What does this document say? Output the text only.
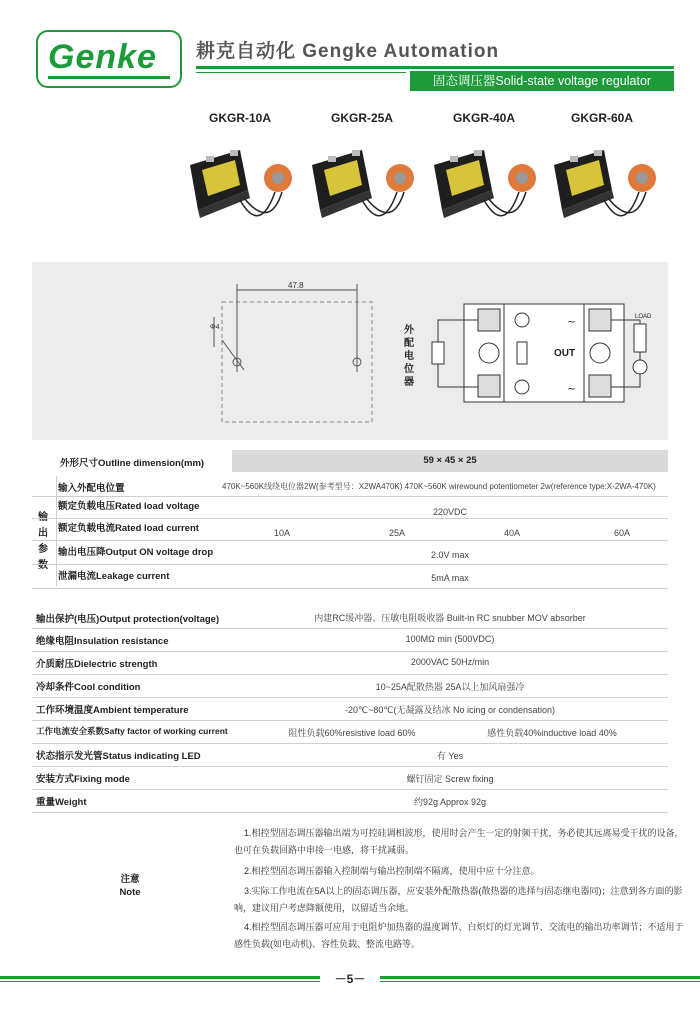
Genke 耕克自动化 Gengke Automation
固态调压器Solid-state voltage regulator
GKGR-10A	GKGR-25A	GKGR-40A	GKGR-60A
~
~
47.8
Φ4	外配电位器
OUT
LOAD
外形尺寸Outline dimension(mm)	59 × 45 × 25
输出参数
输入外配电位置	470K~560K线绕电位器2W(参考型号：X2WA470K) 470K~560K wirewound potentiometer 2w(reference type:X-2WA-470K)
额定负载电压Rated load voltage	220VDC
额定负载电流Rated load current	10A	25A	40A	60A
输出电压降Output ON voltage drop	2.0V max
泄漏电流Leakage current	5mA max
输出保护(电压)Output protection(voltage)	内建RC缓冲器、压敏电阻吸收器 Built-in RC snubber MOV absorber
绝缘电阻Insulation resistance	100MΩ min (500VDC)
介质耐压Dielectric strength	2000VAC 50Hz/min
冷却条件Cool condition	10~25A配散热器 25A以上加风扇强冷
工作环境温度Ambient temperature	-20℃~80℃(无凝露及结冰 No icing or condensation)
工作电流安全系数Safty factor of working current	阻性负载60%resistive load 60%	感性负载40%inductive load 40%
状态指示发光管Status indicating LED	有 Yes
安装方式Fixing mode	螺钉固定 Screw fixing
重量Weight	约92g Approx 92g
注意
Note
1.相控型固态调压器输出端为可控硅调相波形，使用时会产生一定的射频干扰，务必使其远离易受干扰的设备，
也可在负载回路中串接一电感，将干扰减弱。
2.相控型固态调压器输入控制端与输出控制端不隔离，使用中应十分注意。
3.实际工作电流在5A以上的固态调压器，应安装外配散热器(散热器的选择与固态继电器同)；注意到各方面的影
响，建议用户考虑降额使用，以留适当余地。
4.相控型固态调压器可应用于电阻炉加热器的温度调节、白炽灯的灯光调节、交流电的输出功率调节；不适用于
感性负载(如电动机)、容性负载、整流电路等。
－5－
